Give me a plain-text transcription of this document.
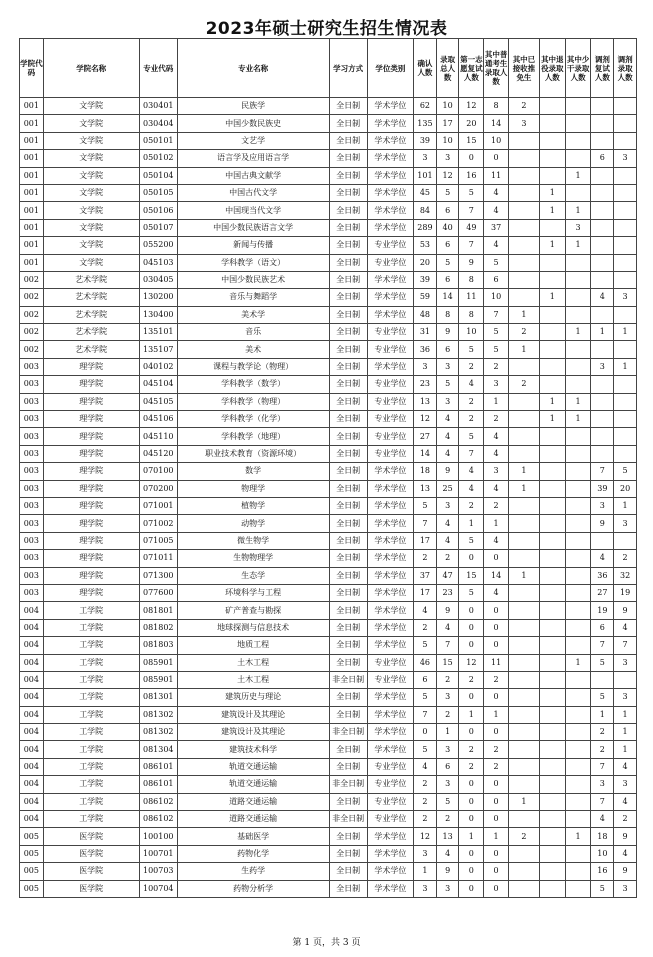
2023年硕士研究生招生情况表
学院代码	学院名称	专业代码	专业名称	学习方式	学位类别	确认人数	录取总人数	第一志愿复试人数	其中普通考生录取人数	其中已接收推免生	其中退役录取人数	其中少干录取人数	调剂复试人数	调剂录取人数
001	文学院	030401	民族学	全日制	学术学位	62	10	12	8	2				
001	文学院	030404	中国少数民族史	全日制	学术学位	135	17	20	14	3				
001	文学院	050101	文艺学	全日制	学术学位	39	10	15	10					
001	文学院	050102	语言学及应用语言学	全日制	学术学位	3	3	0	0				6	3
001	文学院	050104	中国古典文献学	全日制	学术学位	101	12	16	11			1		
001	文学院	050105	中国古代文学	全日制	学术学位	45	5	5	4		1			
001	文学院	050106	中国现当代文学	全日制	学术学位	84	6	7	4		1	1		
001	文学院	050107	中国少数民族语言文学	全日制	学术学位	289	40	49	37			3		
001	文学院	055200	新闻与传播	全日制	专业学位	53	6	7	4		1	1		
001	文学院	045103	学科教学（语文）	全日制	专业学位	20	5	9	5					
002	艺术学院	030405	中国少数民族艺术	全日制	学术学位	39	6	8	6					
002	艺术学院	130200	音乐与舞蹈学	全日制	学术学位	59	14	11	10		1		4	3
002	艺术学院	130400	美术学	全日制	学术学位	48	8	8	7	1				
002	艺术学院	135101	音乐	全日制	专业学位	31	9	10	5	2		1	1	1
002	艺术学院	135107	美术	全日制	专业学位	36	6	5	5	1				
003	理学院	040102	课程与教学论（物理）	全日制	学术学位	3	3	2	2				3	1
003	理学院	045104	学科教学（数学）	全日制	专业学位	23	5	4	3	2				
003	理学院	045105	学科教学（物理）	全日制	专业学位	13	3	2	1		1	1		
003	理学院	045106	学科教学（化学）	全日制	专业学位	12	4	2	2		1	1		
003	理学院	045110	学科教学（地理）	全日制	专业学位	27	4	5	4					
003	理学院	045120	职业技术教育（资源环境）	全日制	专业学位	14	4	7	4					
003	理学院	070100	数学	全日制	学术学位	18	9	4	3	1			7	5
003	理学院	070200	物理学	全日制	学术学位	13	25	4	4	1			39	20
003	理学院	071001	植物学	全日制	学术学位	5	3	2	2				3	1
003	理学院	071002	动物学	全日制	学术学位	7	4	1	1				9	3
003	理学院	071005	微生物学	全日制	学术学位	17	4	5	4					
003	理学院	071011	生物物理学	全日制	学术学位	2	2	0	0				4	2
003	理学院	071300	生态学	全日制	学术学位	37	47	15	14	1			36	32
003	理学院	077600	环境科学与工程	全日制	学术学位	17	23	5	4				27	19
004	工学院	081801	矿产普查与勘探	全日制	学术学位	4	9	0	0				19	9
004	工学院	081802	地球探测与信息技术	全日制	学术学位	2	4	0	0				6	4
004	工学院	081803	地质工程	全日制	学术学位	5	7	0	0				7	7
004	工学院	085901	土木工程	全日制	专业学位	46	15	12	11			1	5	3
004	工学院	085901	土木工程	非全日制	专业学位	6	2	2	2					
004	工学院	081301	建筑历史与理论	全日制	学术学位	5	3	0	0				5	3
004	工学院	081302	建筑设计及其理论	全日制	学术学位	7	2	1	1				1	1
004	工学院	081302	建筑设计及其理论	非全日制	学术学位	0	1	0	0				2	1
004	工学院	081304	建筑技术科学	全日制	学术学位	5	3	2	2				2	1
004	工学院	086101	轨道交通运输	全日制	专业学位	4	6	2	2				7	4
004	工学院	086101	轨道交通运输	非全日制	专业学位	2	3	0	0				3	3
004	工学院	086102	道路交通运输	全日制	专业学位	2	5	0	0	1			7	4
004	工学院	086102	道路交通运输	非全日制	专业学位	2	2	0	0				4	2
005	医学院	100100	基础医学	全日制	学术学位	12	13	1	1	2		1	18	9
005	医学院	100701	药物化学	全日制	学术学位	3	4	0	0				10	4
005	医学院	100703	生药学	全日制	学术学位	1	9	0	0				16	9
005	医学院	100704	药物分析学	全日制	学术学位	3	3	0	0				5	3
第 1 页，共 3 页
